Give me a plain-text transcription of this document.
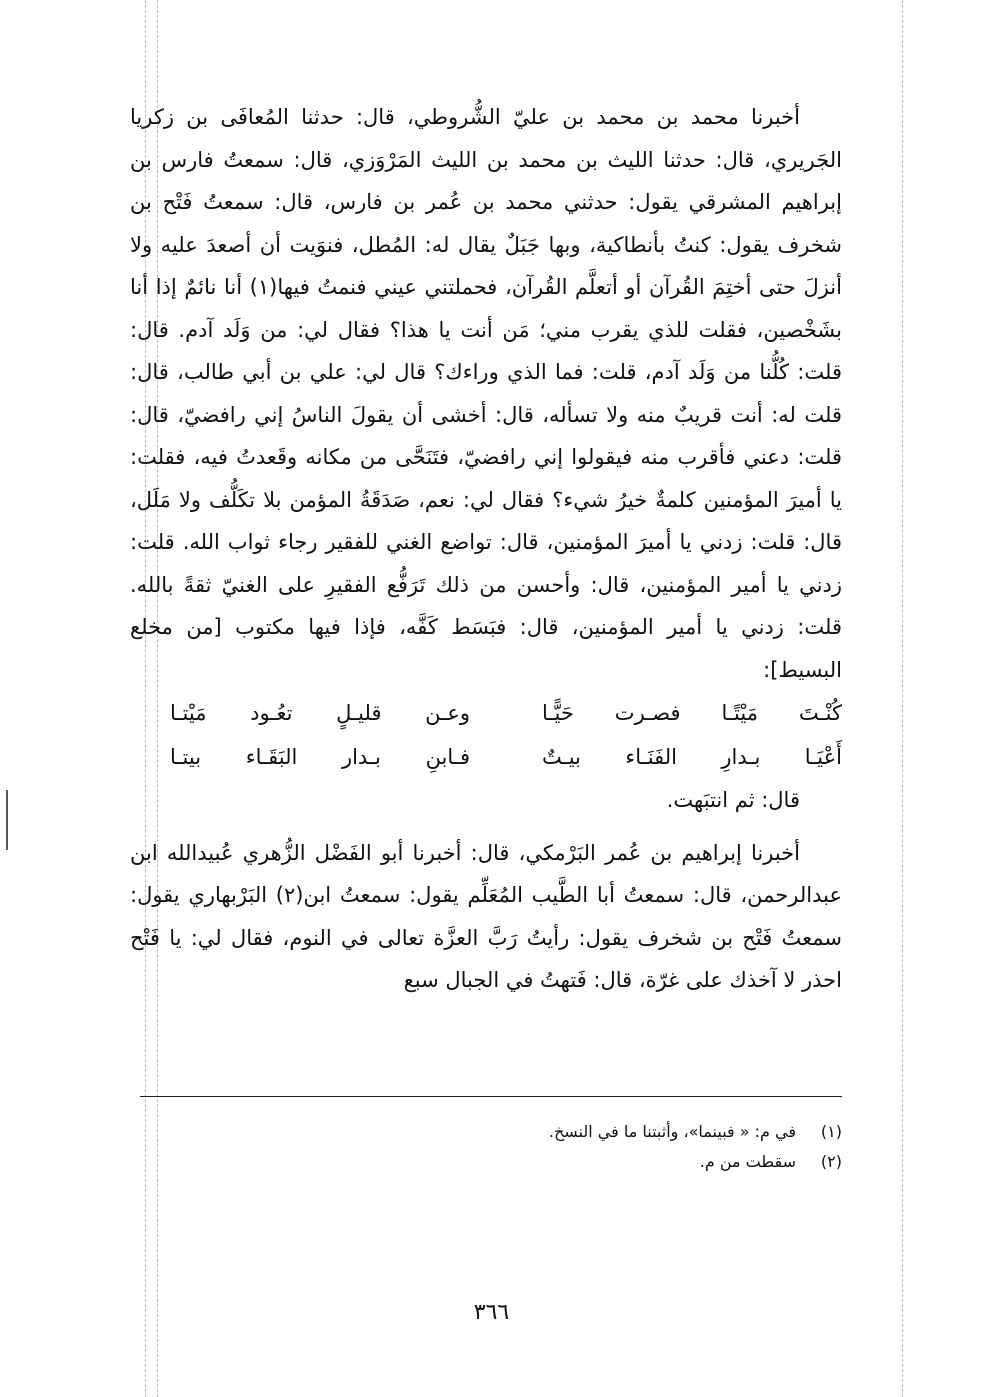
أخبرنا محمد بن محمد بن عليّ الشُّروطي، قال: حدثنا المُعافَى بن زكريا الجَريري، قال: حدثنا الليث بن محمد بن الليث المَرْوَزي، قال: سمعتُ فارس بن إبراهيم المشرقي يقول: حدثني محمد بن عُمر بن فارس، قال: سمعتُ فَتْح بن شخرف يقول: كنتُ بأنطاكية، وبها جَبَلٌ يقال له: المُطل، فنوَيت أن أصعدَ عليه ولا أنزلَ حتى أختِمَ القُرآن أو أتعلَّم القُرآن، فحملتني عيني فنمتُ فيها(١) أنا نائمٌ إذا أنا بشَخْصين، فقلت للذي يقرب مني؛ مَن أنت يا هذا؟ فقال لي: من وَلَد آدم. قال: قلت: كُلُّنا من وَلَد آدم، قلت: فما الذي وراءك؟ قال لي: علي بن أبي طالب، قال: قلت له: أنت قريبٌ منه ولا تسأله، قال: أخشى أن يقولَ الناسُ إني رافضيّ، قال: قلت: دعني فأقرب منه فيقولوا إني رافضيّ، فتَنَحَّى من مكانه وقَعدتُ فيه، فقلت: يا أميرَ المؤمنين كلمةٌ خيرُ شيء؟ فقال لي: نعم، صَدَقَةُ المؤمن بلا تكَلُّف ولا مَلَل، قال: قلت: زدني يا أميرَ المؤمنين، قال: تواضع الغني للفقير رجاء ثواب الله. قلت: زدني يا أمير المؤمنين، قال: وأحسن من ذلك تَرَفُّع الفقيرِ على الغنيّ ثقةً بالله. قلت: زدني يا أمير المؤمنين، قال: فبَسَط كَفَّه، فإذا فيها مكتوب [من مخلع البسيط]:

كُنْـتَ مَيْتًـا فصـرت حَيًّـا
وعـن قليـلٍ تعُـود مَيْتـا
أَعْيَـا بـدارِ الفَنَـاء بيـتٌ
فـابنِ بـدار البَقَـاء بيتـا

قال: ثم انتبَهت.

أخبرنا إبراهيم بن عُمر البَرْمكي، قال: أخبرنا أبو الفَضْل الزُّهري عُبيدالله ابن عبدالرحمن، قال: سمعتُ أبا الطَّيب المُعَلِّم يقول: سمعتُ ابن(٢) البَرْبهاري يقول: سمعتُ فَتْح بن شخرف يقول: رأيتُ رَبَّ العزَّة تعالى في النوم، فقال لي: يا فَتْح احذر لا آخذك على غرّة، قال: فَتهتُ في الجبال سبع

(١)
في م: « فبينما»، وأثبتنا ما في النسخ.
(٢)
سقطت من م.
٣٦٦
